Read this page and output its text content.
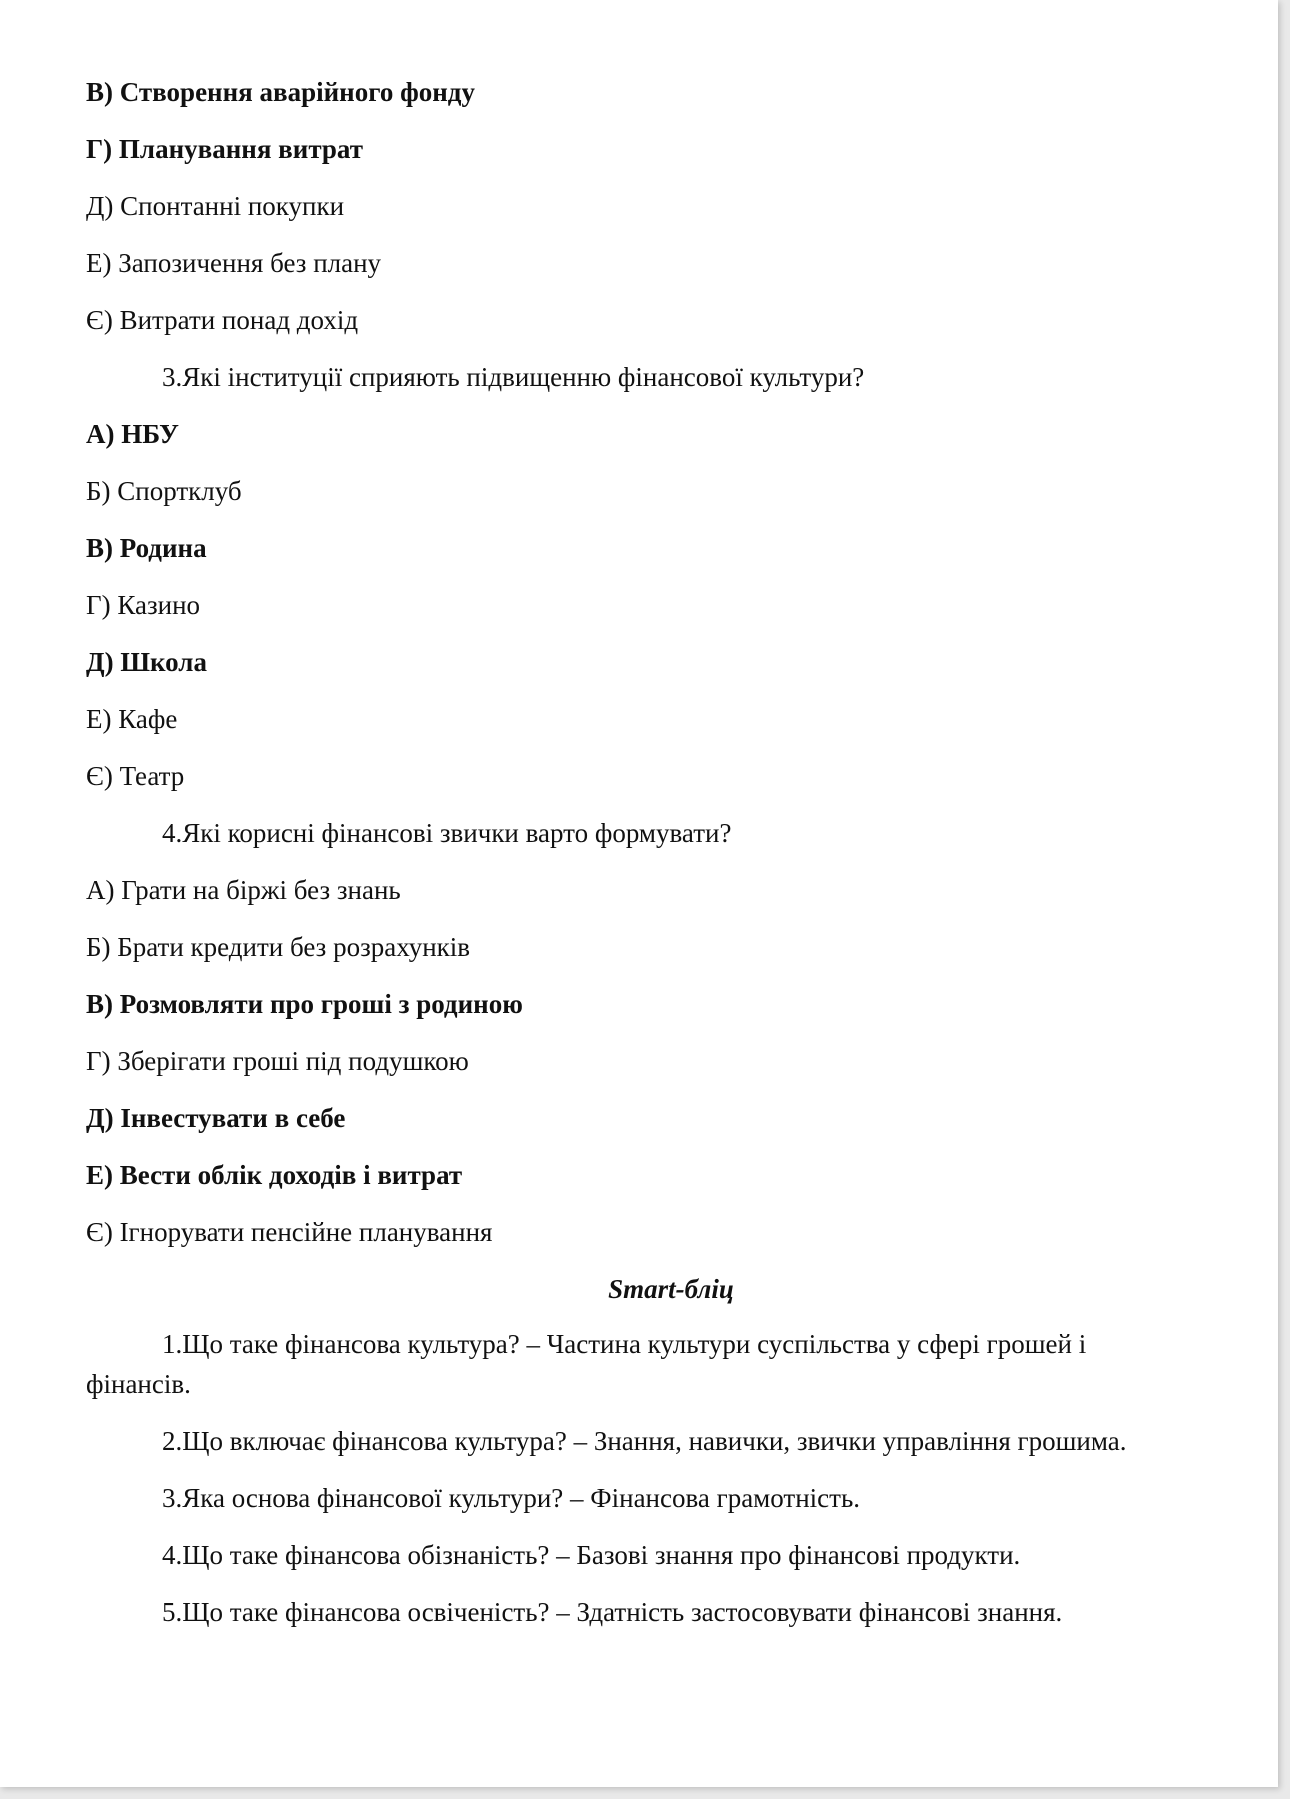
В) Створення аварійного фонду
Г) Планування витрат
Д) Спонтанні покупки
Е) Запозичення без плану
Є) Витрати понад дохід
3.Які інституції сприяють підвищенню фінансової культури?
А) НБУ
Б) Спортклуб
В) Родина
Г) Казино
Д) Школа
Е) Кафе
Є) Театр
4.Які корисні фінансові звички варто формувати?
А) Грати на біржі без знань
Б) Брати кредити без розрахунків
В) Розмовляти про гроші з родиною
Г) Зберігати гроші під подушкою
Д) Інвестувати в себе
Е) Вести облік доходів і витрат
Є) Ігнорувати пенсійне планування
Smart-бліц
1.Що таке фінансова культура? – Частина культури суспільства у сфері грошей і фінансів.
2.Що включає фінансова культура? – Знання, навички, звички управління грошима.
3.Яка основа фінансової культури? – Фінансова грамотність.
4.Що таке фінансова обізнаність? – Базові знання про фінансові продукти.
5.Що таке фінансова освіченість? – Здатність застосовувати фінансові знання.
